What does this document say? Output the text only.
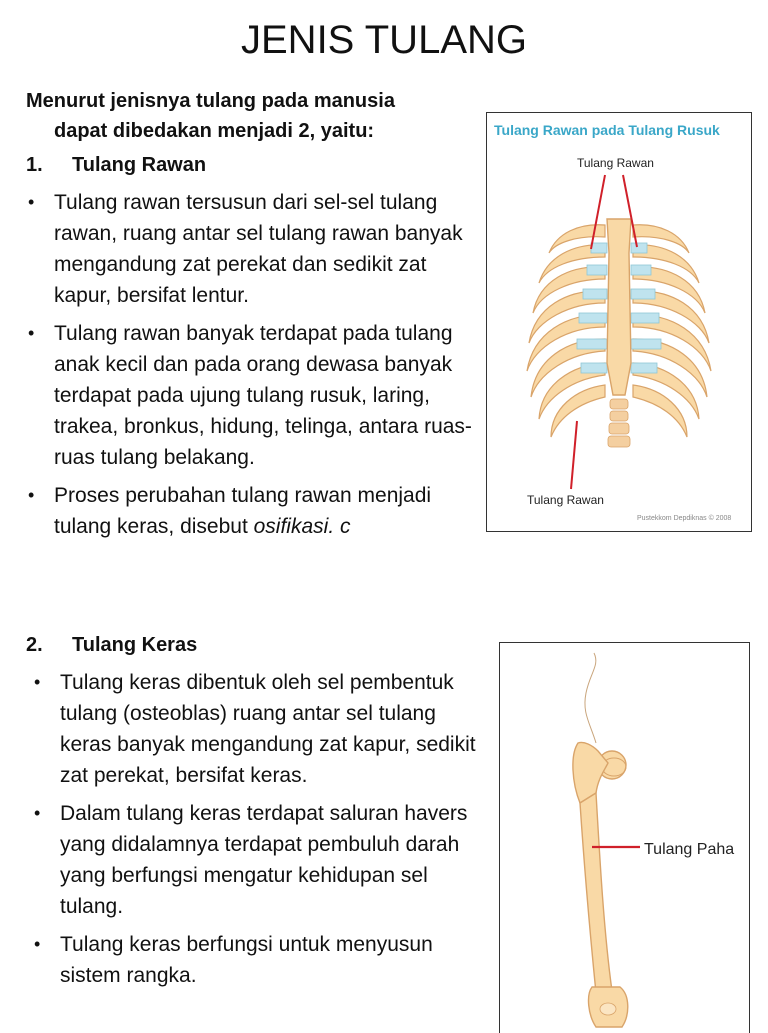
JENIS TULANG
Menurut jenisnya tulang pada manusia
dapat dibedakan menjadi 2, yaitu:
1. Tulang Rawan
• Tulang rawan tersusun dari sel-sel tulang rawan, ruang antar sel tulang rawan banyak mengandung zat perekat dan sedikit zat kapur, bersifat lentur.
• Tulang rawan banyak terdapat pada tulang anak kecil dan pada orang dewasa banyak terdapat pada ujung tulang rusuk, laring, trakea, bronkus, hidung, telinga, antara ruas-ruas tulang belakang.
• Proses perubahan tulang rawan menjadi tulang keras, disebut osifikasi. c
Tulang Rawan pada Tulang Rusuk
Tulang Rawan
Tulang Rawan
Pustekkom Depdiknas © 2008
2. Tulang Keras
• Tulang keras dibentuk oleh sel pembentuk tulang (osteoblas) ruang antar sel tulang keras banyak mengandung zat kapur, sedikit zat perekat, bersifat keras.
• Dalam tulang keras terdapat saluran havers yang didalamnya terdapat pembuluh darah yang berfungsi mengatur kehidupan sel tulang.
• Tulang keras berfungsi untuk menyusun sistem rangka.
Tulang Paha
